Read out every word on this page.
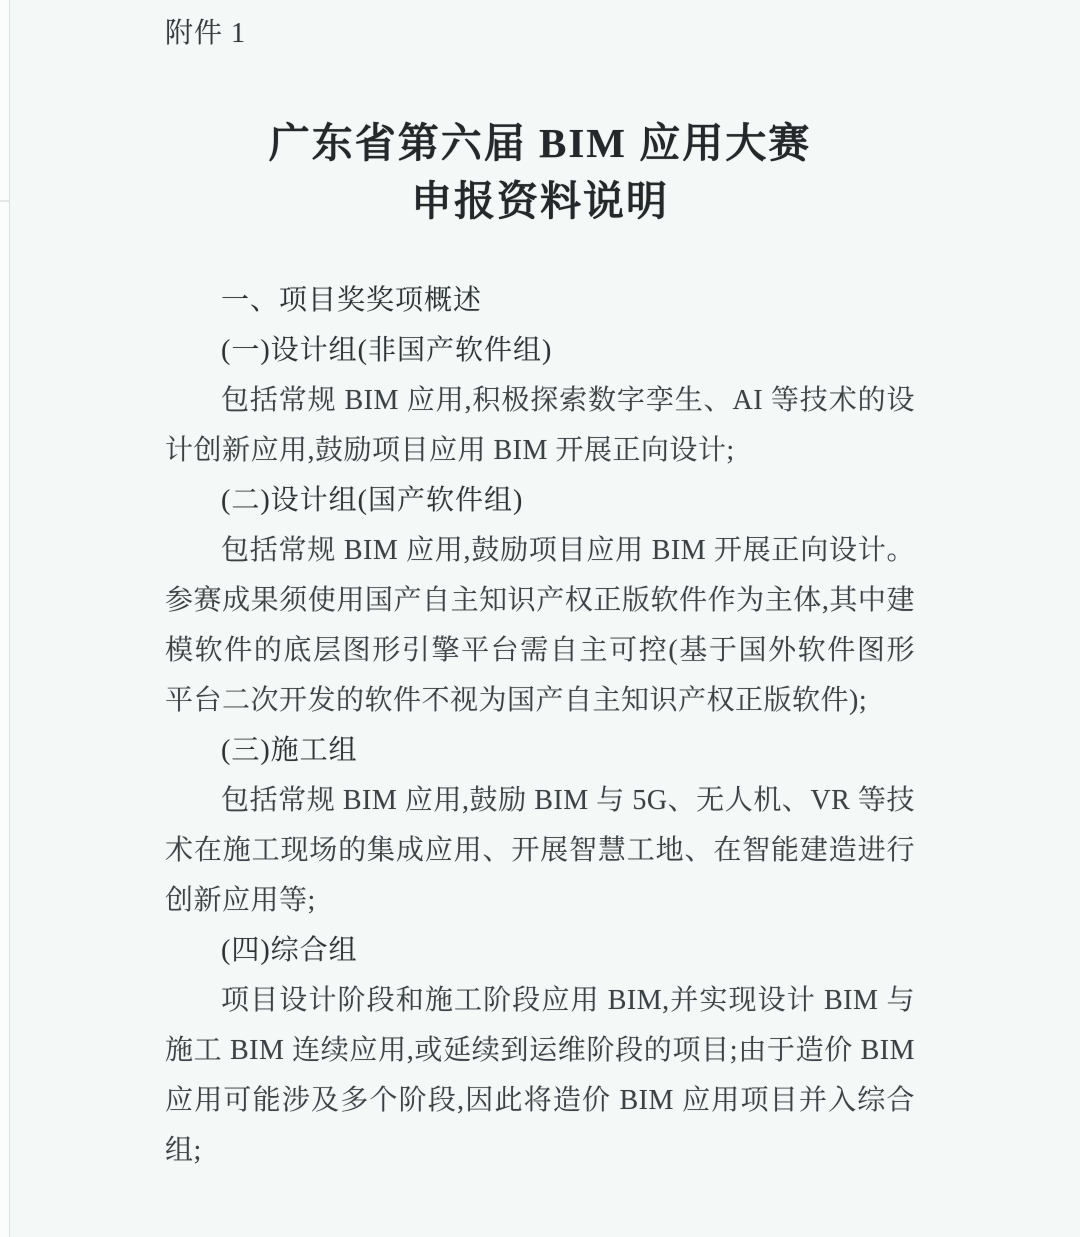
附件 1
广东省第六届 BIM 应用大赛
申报资料说明
一、项目奖奖项概述
(一)设计组(非国产软件组)

包括常规 BIM 应用,积极探索数字孪生、AI 等技术的设计创新应用,鼓励项目应用 BIM 开展正向设计;

(二)设计组(国产软件组)

包括常规 BIM 应用,鼓励项目应用 BIM 开展正向设计。参赛成果须使用国产自主知识产权正版软件作为主体,其中建模软件的底层图形引擎平台需自主可控(基于国外软件图形平台二次开发的软件不视为国产自主知识产权正版软件);

(三)施工组

包括常规 BIM 应用,鼓励 BIM 与 5G、无人机、VR 等技术在施工现场的集成应用、开展智慧工地、在智能建造进行创新应用等;

(四)综合组

项目设计阶段和施工阶段应用 BIM,并实现设计 BIM 与施工 BIM 连续应用,或延续到运维阶段的项目;由于造价 BIM 应用可能涉及多个阶段,因此将造价 BIM 应用项目并入综合组;
